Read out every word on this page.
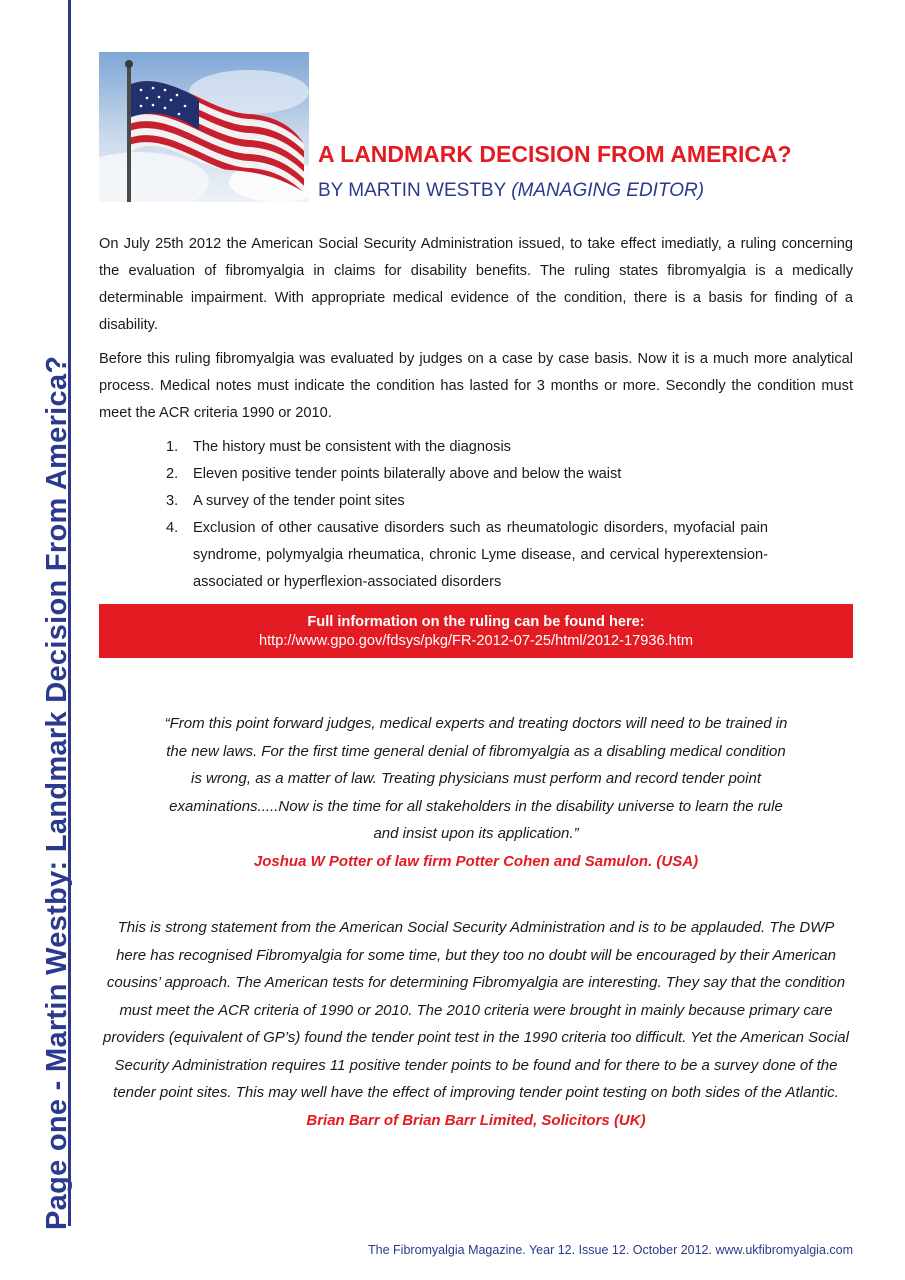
Page one - Martin Westby: Landmark Decision From America?
A LANDMARK DECISION FROM AMERICA?
BY MARTIN WESTBY (MANAGING EDITOR)

On July 25th 2012 the American Social Security Administration issued, to take effect imediatly, a ruling concerning the evaluation of fibromyalgia in claims for disability benefits. The ruling states fibromyalgia is a medically determinable impairment. With appropriate medical evidence of the condition, there is a basis for finding of a disability.

Before this ruling fibromyalgia was evaluated by judges on a case by case basis. Now it is a much more analytical process. Medical notes must indicate the condition has lasted for 3 months or more. Secondly the condition must meet the ACR criteria 1990 or 2010.

1. The history must be consistent with the diagnosis
2. Eleven positive tender points bilaterally above and below the waist
3. A survey of the tender point sites
4. Exclusion of other causative disorders such as rheumatologic disorders, myofacial pain syndrome, polymyalgia rheumatica, chronic Lyme disease, and cervical hyperextension-associated or hyperflexion-associated disorders
Full information on the ruling can be found here:
http://www.gpo.gov/fdsys/pkg/FR-2012-07-25/html/2012-17936.htm
“From this point forward judges, medical experts and treating doctors will need to be trained in the new laws. For the first time general denial of fibromyalgia as a disabling medical condition is wrong, as a matter of law. Treating physicians must perform and record tender point examinations.....Now is the time for all stakeholders in the disability universe to learn the rule and insist upon its application.”
Joshua W Potter of law firm Potter Cohen and Samulon. (USA)
This is strong statement from the American Social Security Administration and is to be applauded. The DWP here has recognised Fibromyalgia for some time, but they too no doubt will be encouraged by their American cousins’ approach. The American tests for determining Fibromyalgia are interesting. They say that the condition must meet the ACR criteria of 1990 or 2010. The 2010 criteria were brought in mainly because primary care providers (equivalent of GP’s) found the tender point test in the 1990 criteria too difficult. Yet the American Social Security Administration requires 11 positive tender points to be found and for there to be a survey done of the tender point sites. This may well have the effect of improving tender point testing on both sides of the Atlantic.
Brian Barr of Brian Barr Limited, Solicitors (UK)
The Fibromyalgia Magazine. Year 12. Issue 12. October 2012. www.ukfibromyalgia.com
